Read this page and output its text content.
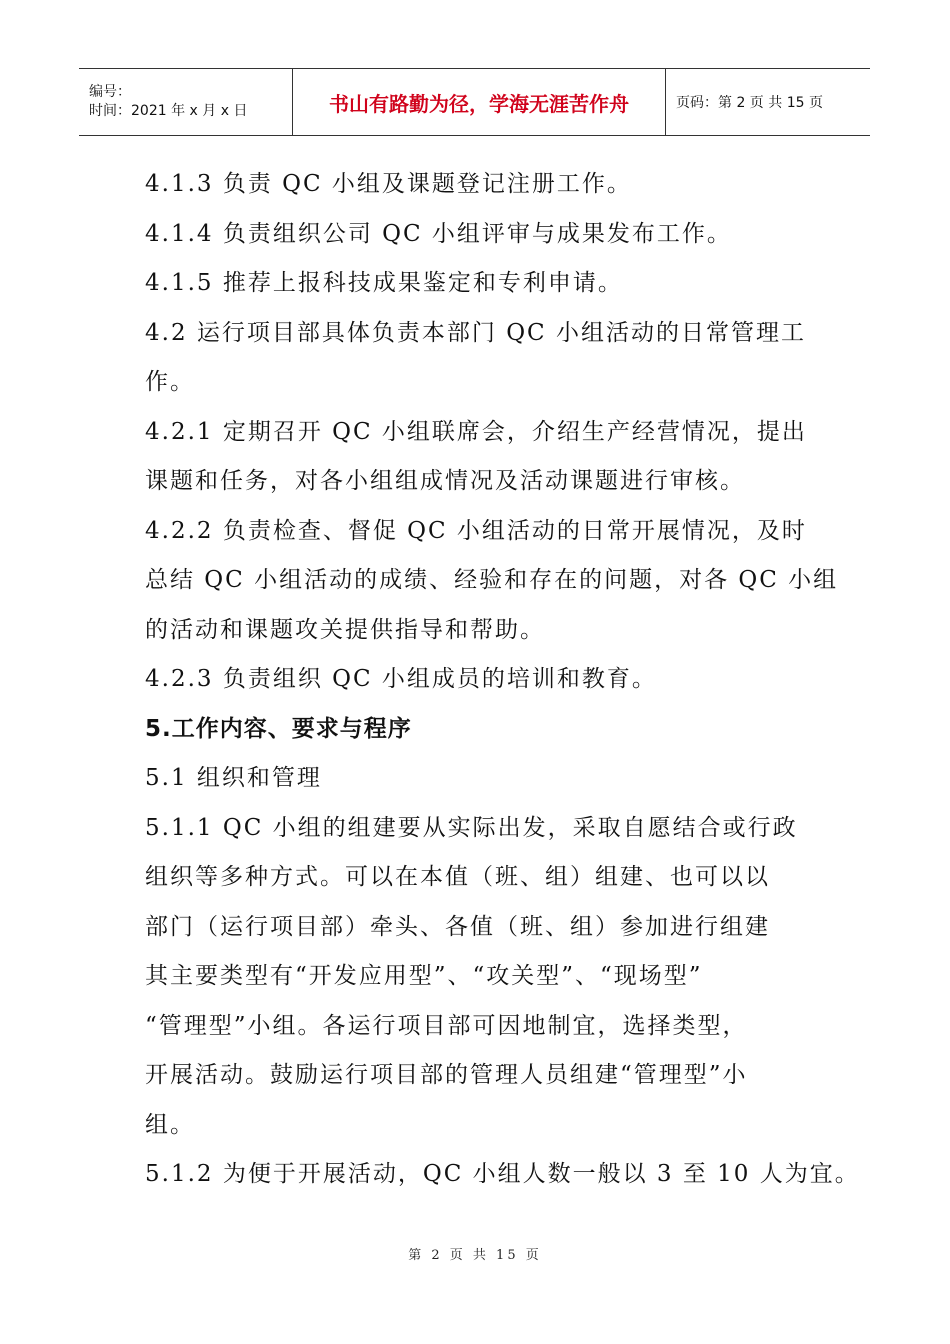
编号：
时间：2021 年 x 月 x 日	书山有路勤为径，学海无涯苦作舟	页码：第 2 页 共 15 页
4.1.3 负责 QC 小组及课题登记注册工作。
4.1.4 负责组织公司 QC 小组评审与成果发布工作。
4.1.5 推荐上报科技成果鉴定和专利申请。
4.2 运行项目部具体负责本部门 QC 小组活动的日常管理工
作。
4.2.1 定期召开 QC 小组联席会，介绍生产经营情况，提出
课题和任务，对各小组组成情况及活动课题进行审核。
4.2.2 负责检查、督促 QC 小组活动的日常开展情况，及时
总结 QC 小组活动的成绩、经验和存在的问题，对各 QC 小组
的活动和课题攻关提供指导和帮助。
4.2.3 负责组织 QC 小组成员的培训和教育。
5.工作内容、要求与程序
5.1 组织和管理
5.1.1 QC 小组的组建要从实际出发，采取自愿结合或行政
组织等多种方式。可以在本值（班、组）组建、也可以以
部门（运行项目部）牵头、各值（班、组）参加进行组建
其主要类型有“开发应用型”、“攻关型”、“现场型”
“管理型”小组。各运行项目部可因地制宜，选择类型，
开展活动。鼓励运行项目部的管理人员组建“管理型”小
组。
5.1.2 为便于开展活动，QC 小组人数一般以 3 至 10 人为宜。
第 2 页 共 15 页
